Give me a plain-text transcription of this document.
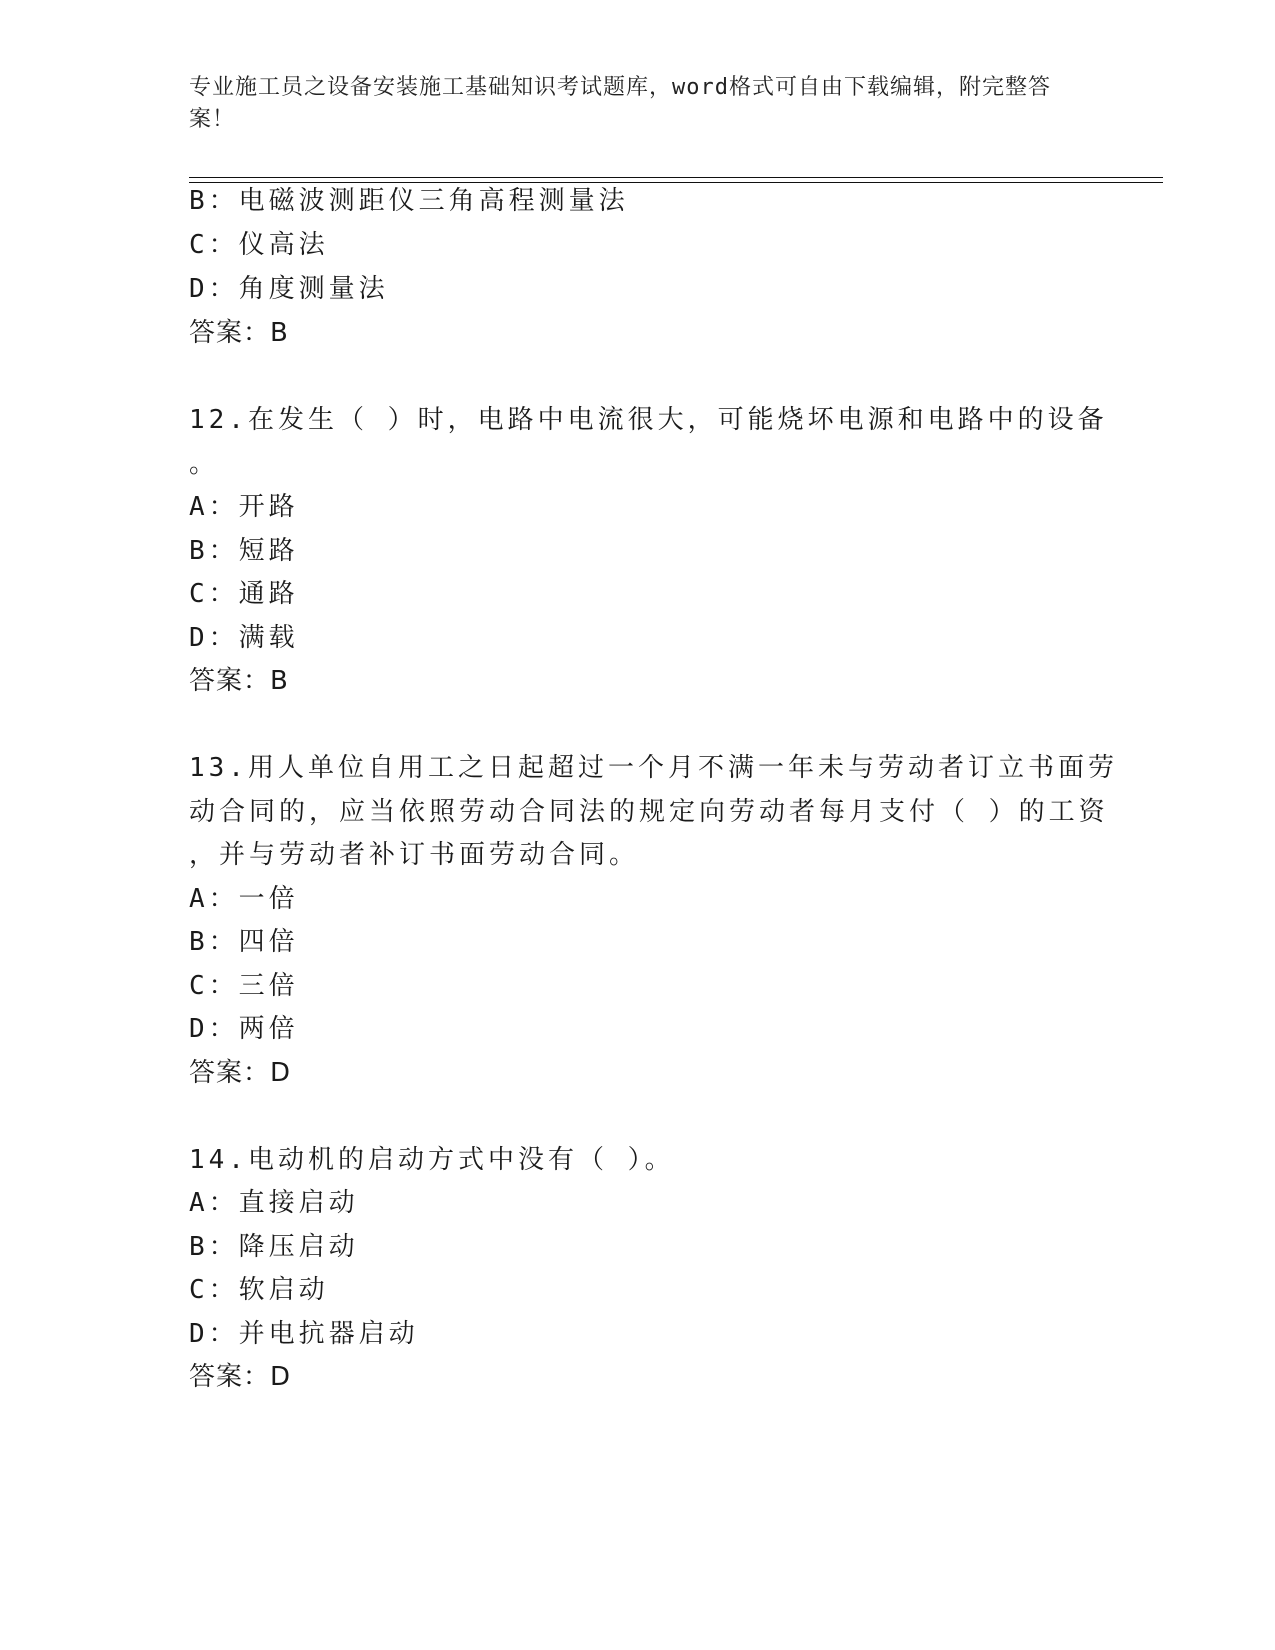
专业施工员之设备安装施工基础知识考试题库，word格式可自由下载编辑，附完整答案！
B：电磁波测距仪三角高程测量法
C：仪高法
D：角度测量法
答案：B
12.在发生（ ）时，电路中电流很大，可能烧坏电源和电路中的设备
。
A：开路
B：短路
C：通路
D：满载
答案：B
13.用人单位自用工之日起超过一个月不满一年未与劳动者订立书面劳
动合同的，应当依照劳动合同法的规定向劳动者每月支付（ ）的工资
，并与劳动者补订书面劳动合同。
A：一倍
B：四倍
C：三倍
D：两倍
答案：D
14.电动机的启动方式中没有（ ）。
A：直接启动
B：降压启动
C：软启动
D：并电抗器启动
答案：D
